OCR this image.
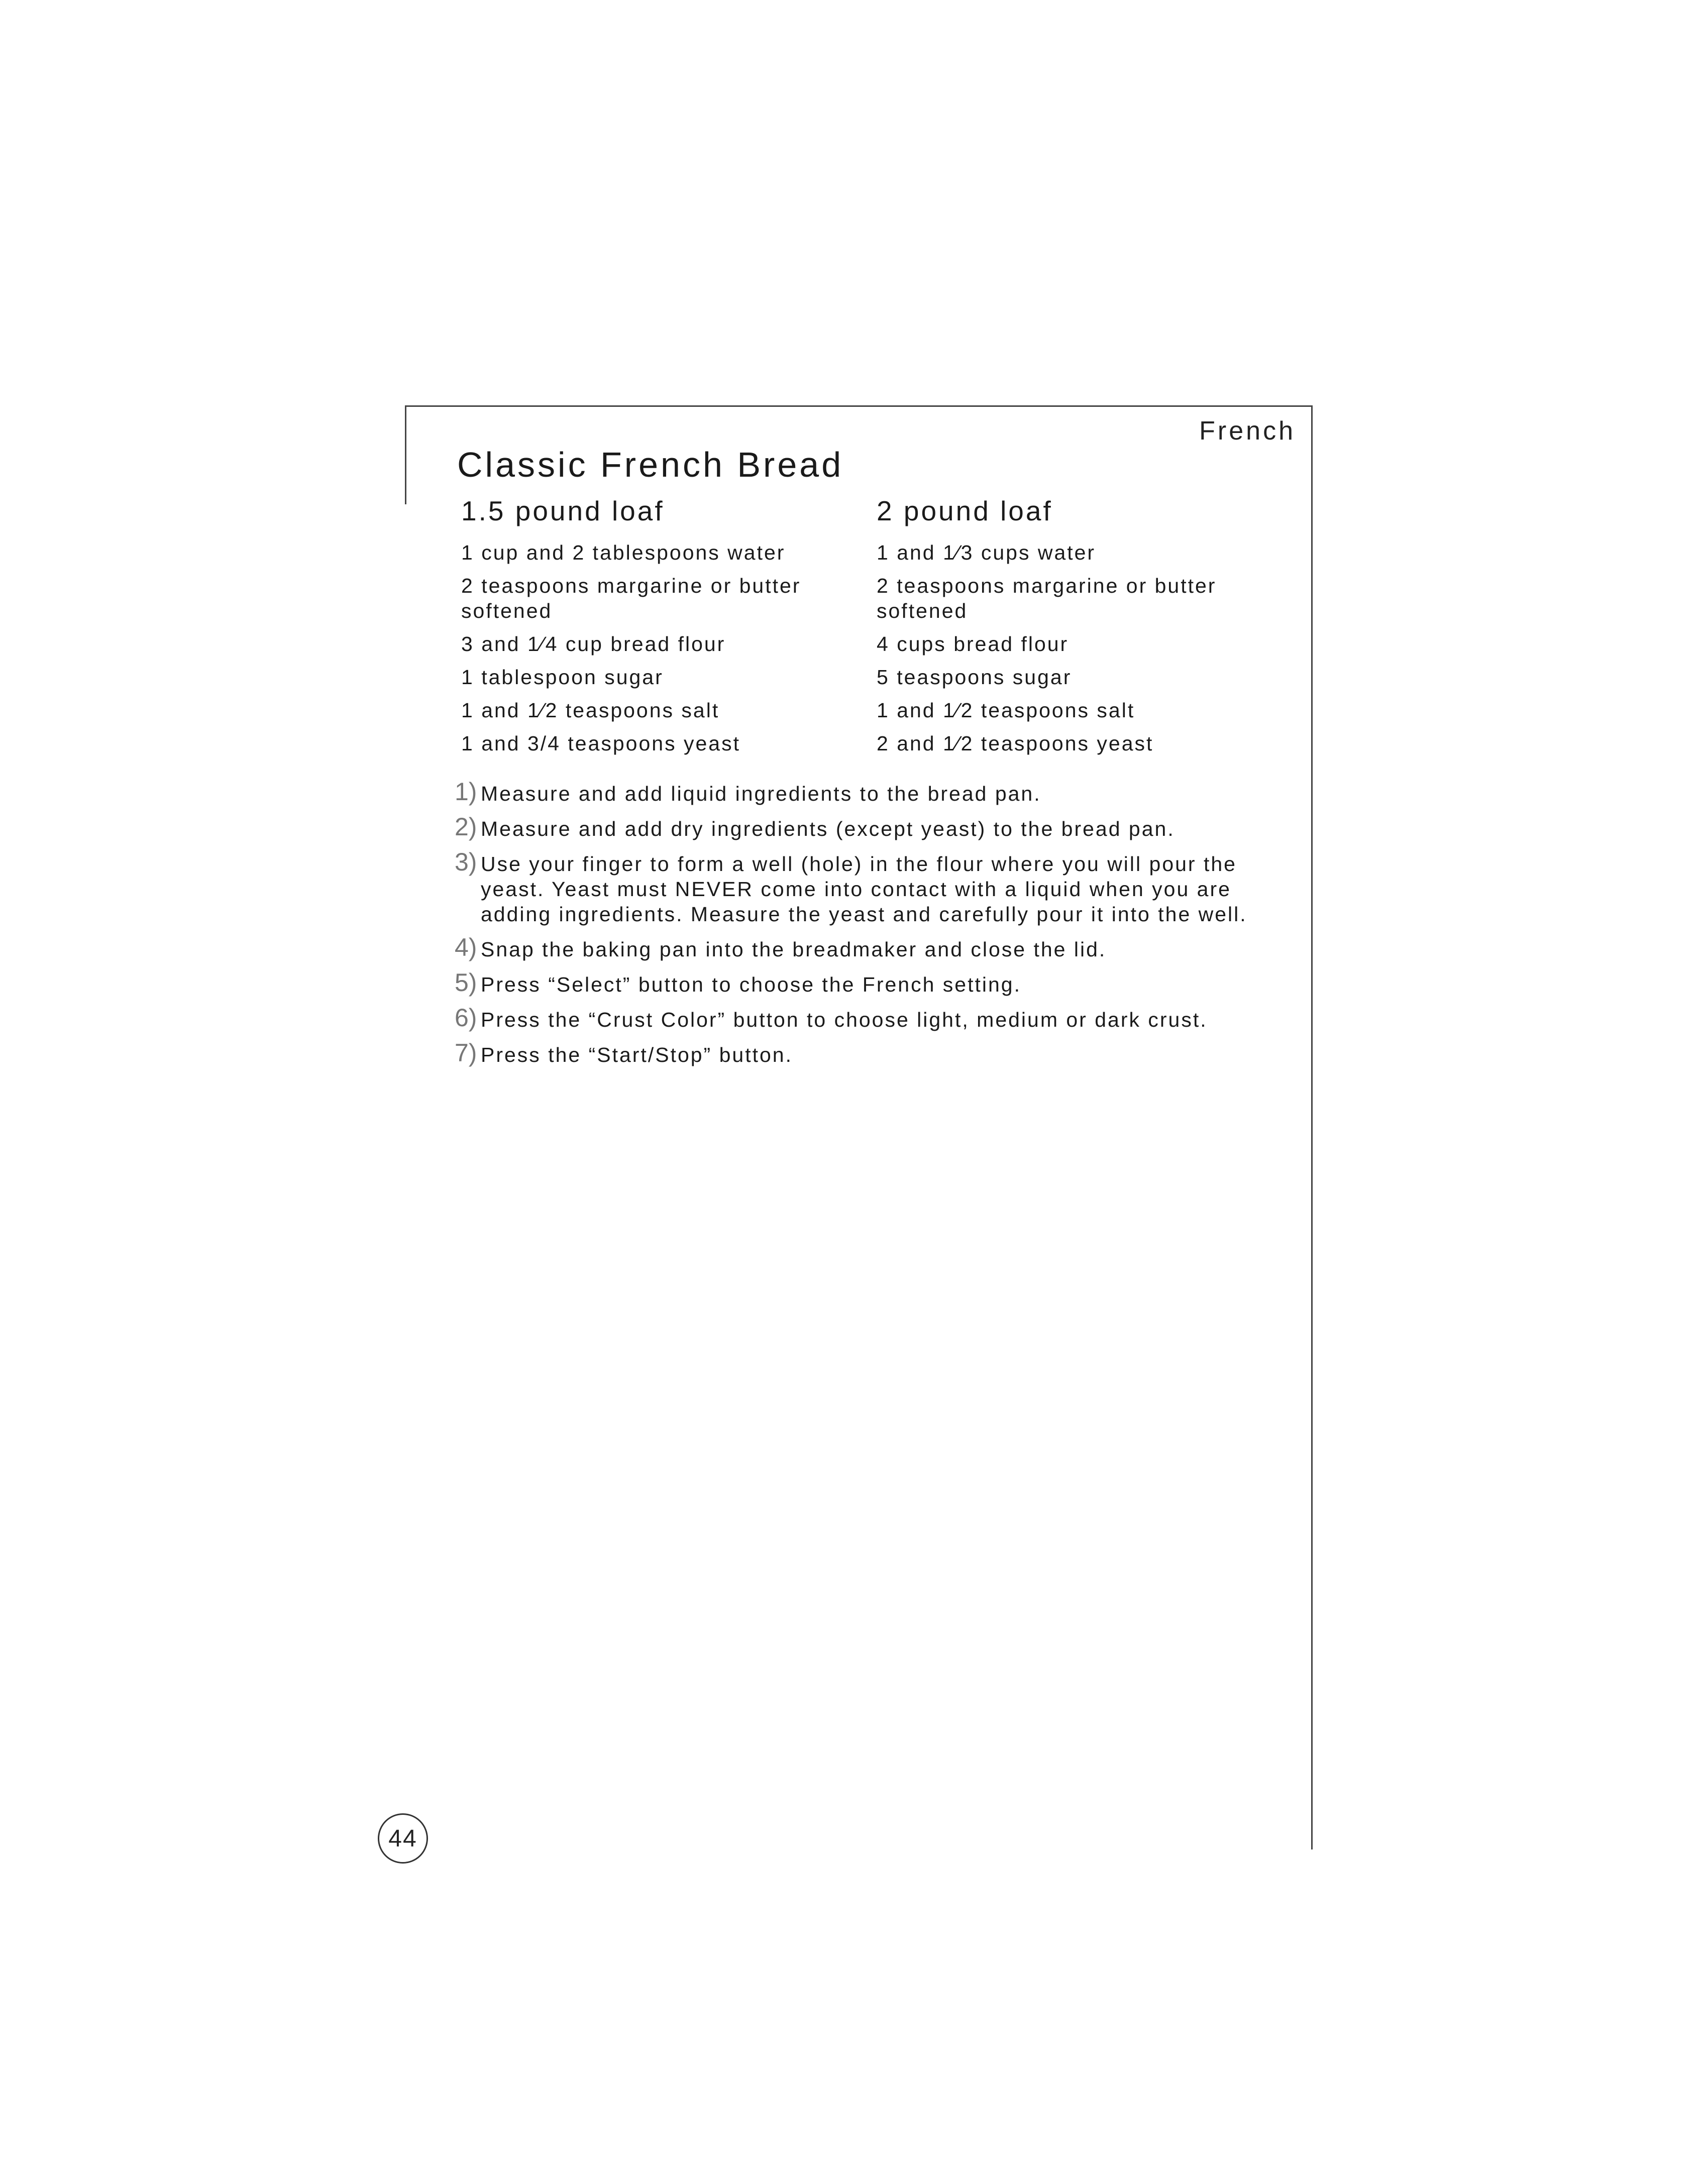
French
Classic French Bread
1.5 pound loaf

1 cup and 2 tablespoons water

2 teaspoons margarine or butter
softened

3 and 1⁄4 cup bread flour

1 tablespoon sugar

1 and 1⁄2 teaspoons salt

1 and 3/4 teaspoons yeast

2 pound loaf

1 and 1⁄3 cups water

2 teaspoons margarine or butter
softened

4 cups bread flour

5 teaspoons sugar

1 and 1⁄2 teaspoons salt

2 and 1⁄2 teaspoons yeast

1) Measure and add liquid ingredients to the bread pan.
2) Measure and add dry ingredients (except yeast) to the bread pan.
3) Use your finger to form a well (hole) in the flour where you will pour the yeast. Yeast must NEVER come into contact with a liquid when you are adding ingredients. Measure the yeast and carefully pour it into the well.
4) Snap the baking pan into the breadmaker and close the lid.
5) Press “Select” button to choose the French setting.
6) Press the “Crust Color” button to choose light, medium or dark crust.
7) Press the “Start/Stop” button.
44
